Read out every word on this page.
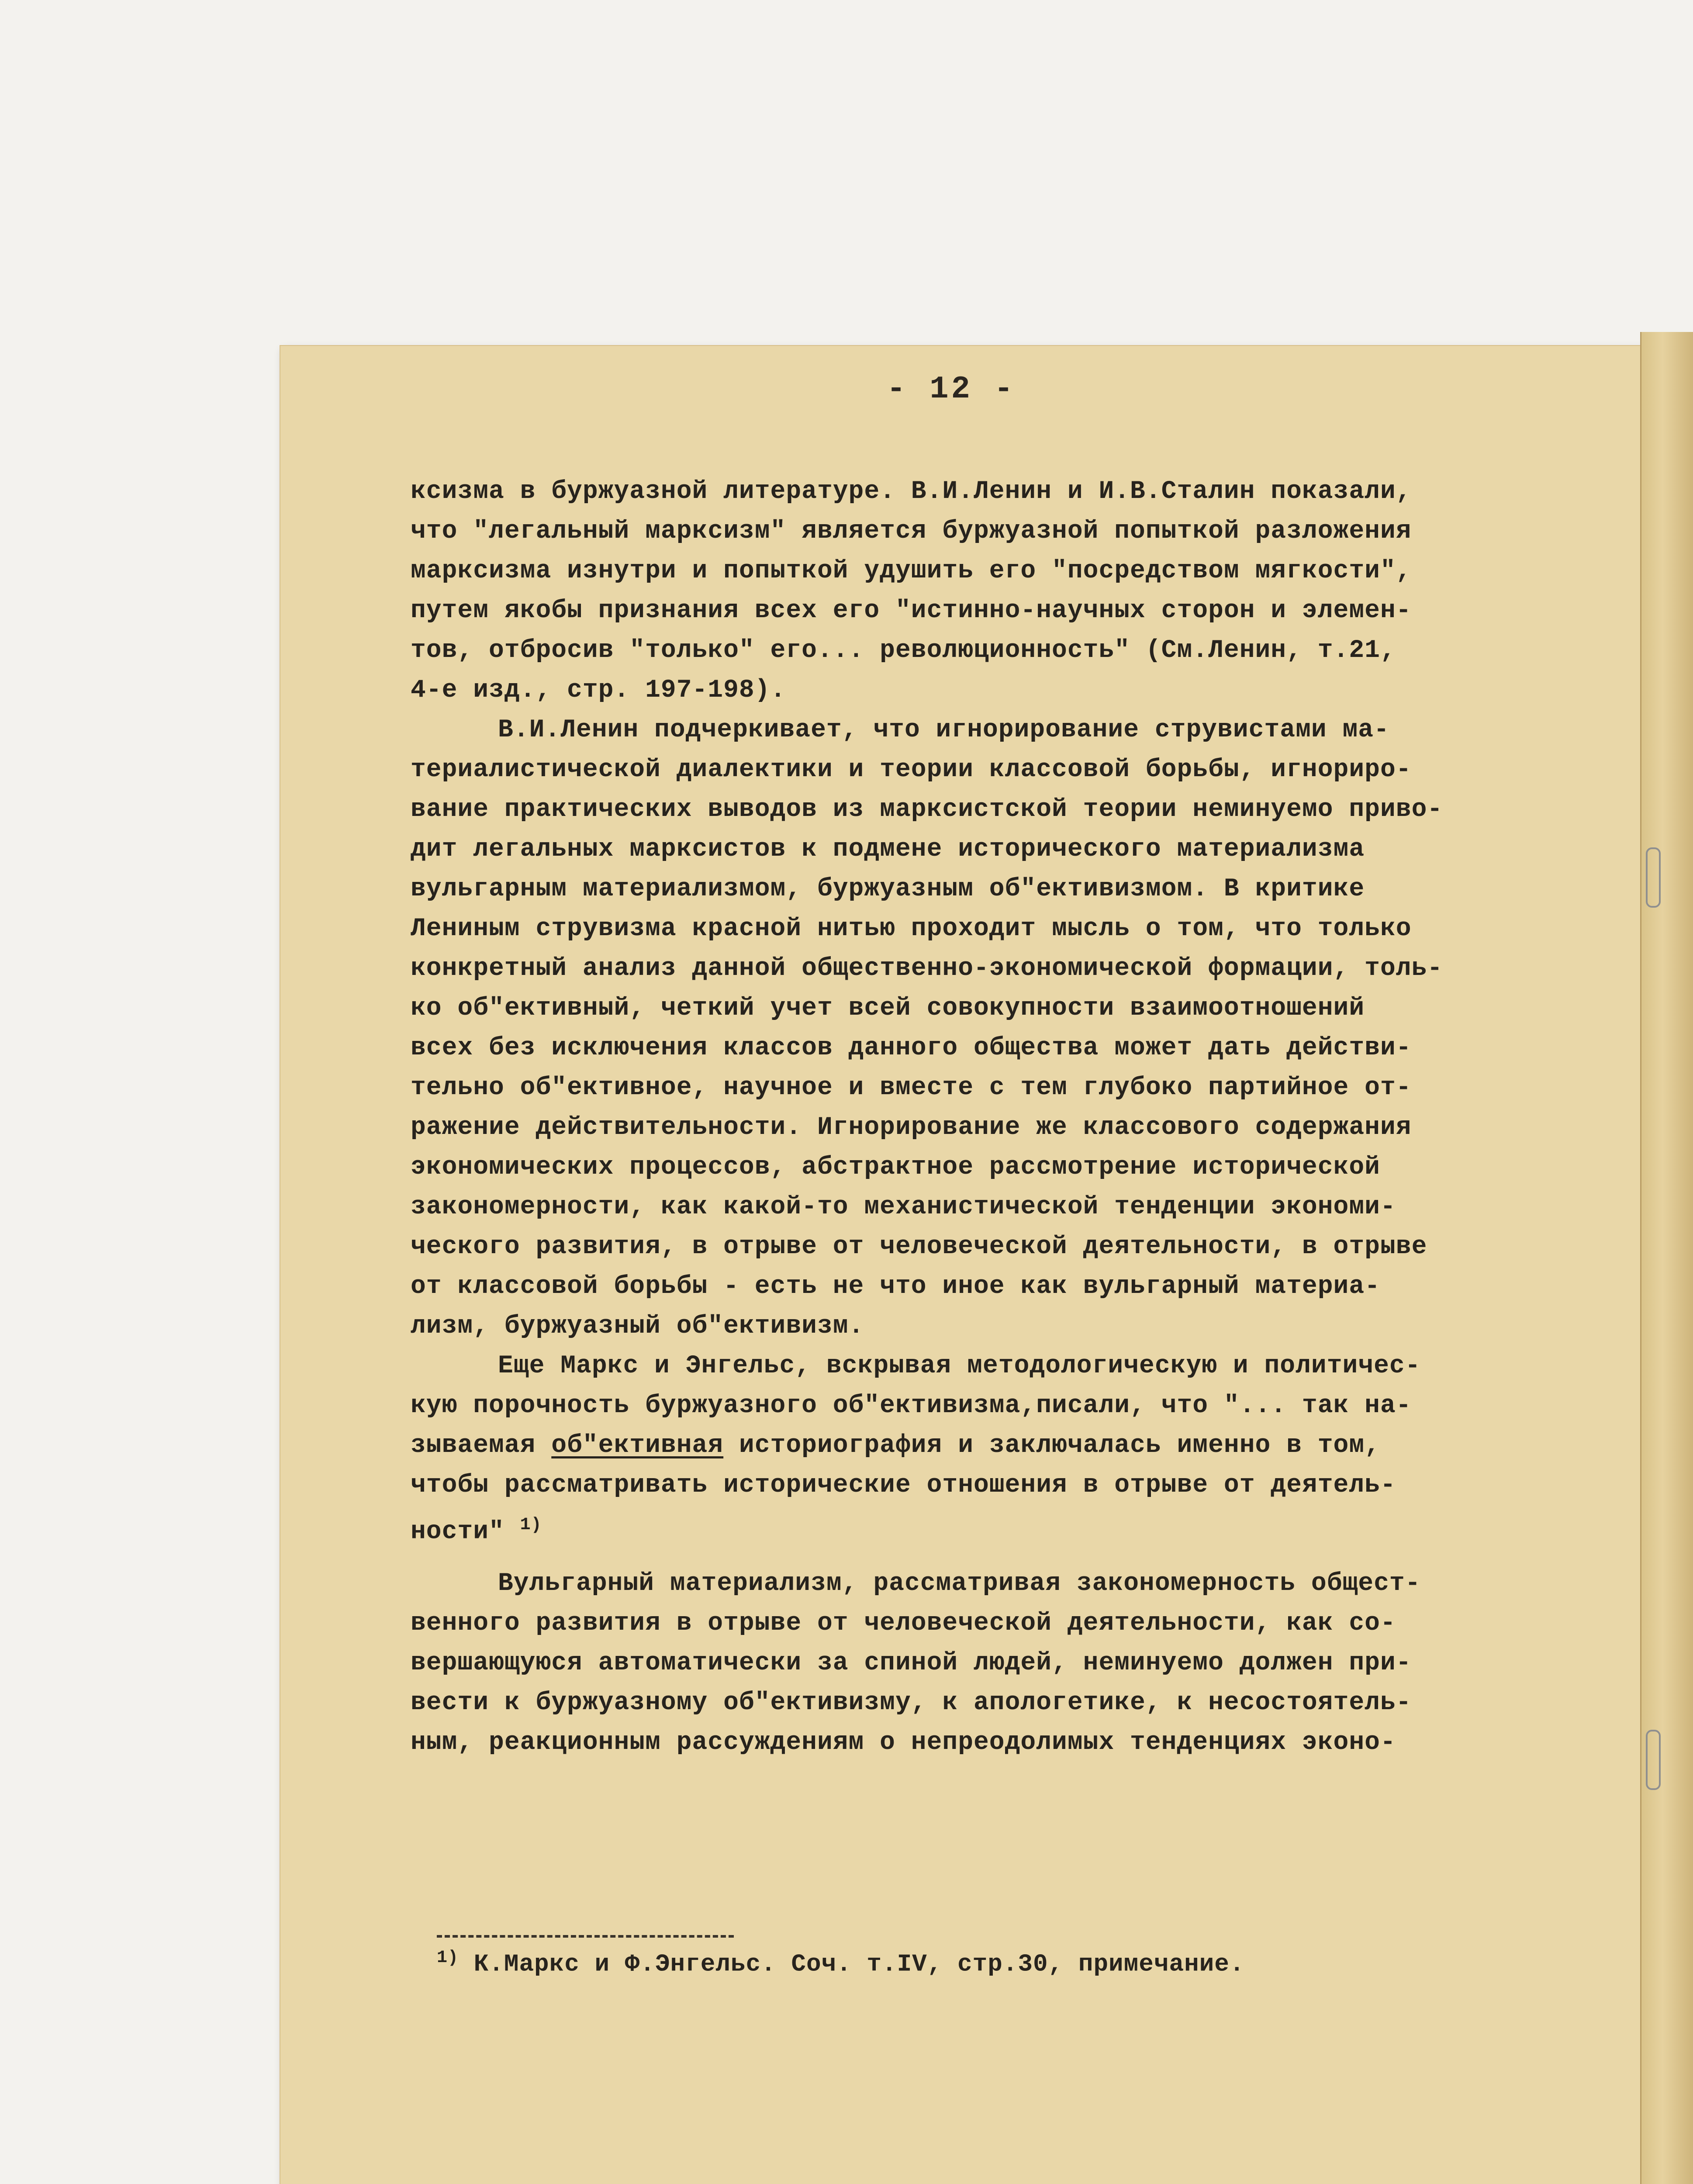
- 12 -
ксизма в буржуазной литературе. В.И.Ленин и И.В.Сталин показали,
что "легальный марксизм" является буржуазной попыткой разложения
марксизма изнутри и попыткой удушить его "посредством мягкости",
путем якобы признания всех его "истинно-научных сторон и элемен-
тов, отбросив "только" его... революционность" (См.Ленин, т.21,
4-е изд., стр. 197-198).
В.И.Ленин подчеркивает, что игнорирование струвистами ма-
териалистической диалектики и теории классовой борьбы, игнориро-
вание практических выводов из марксистской теории неминуемо приво-
дит легальных марксистов к подмене исторического материализма
вульгарным материализмом, буржуазным об"ективизмом. В критике
Лениным струвизма красной нитью проходит мысль о том, что только
конкретный анализ данной общественно-экономической формации, толь-
ко об"ективный, четкий учет всей совокупности взаимоотношений
всех без исключения классов данного общества может дать действи-
тельно об"ективное, научное и вместе с тем глубоко партийное от-
ражение действительности. Игнорирование же классового содержания
экономических процессов, абстрактное рассмотрение исторической
закономерности, как какой-то механистической тенденции экономи-
ческого развития, в отрыве от человеческой деятельности, в отрыве
от классовой борьбы - есть не что иное как вульгарный материа-
лизм, буржуазный об"ективизм.
Еще Маркс и Энгельс, вскрывая методологическую и политичес-
кую порочность буржуазного об"ективизма,писали, что "... так на-
зываемая об"ективная историография и заключалась именно в том,
чтобы рассматривать исторические отношения в отрыве от деятель-
ности" $^{1)}$
Вульгарный материализм, рассматривая закономерность общест-
венного развития в отрыве от человеческой деятельности, как со-
вершающуюся автоматически за спиной людей, неминуемо должен при-
вести к буржуазному об"ективизму, к апологетике, к несостоятель-
ным, реакционным рассуждениям о непреодолимых тенденциях эконо-
$^{1)}$ К.Маркс и Ф.Энгельс. Соч. т.IV, стр.30, примечание.
